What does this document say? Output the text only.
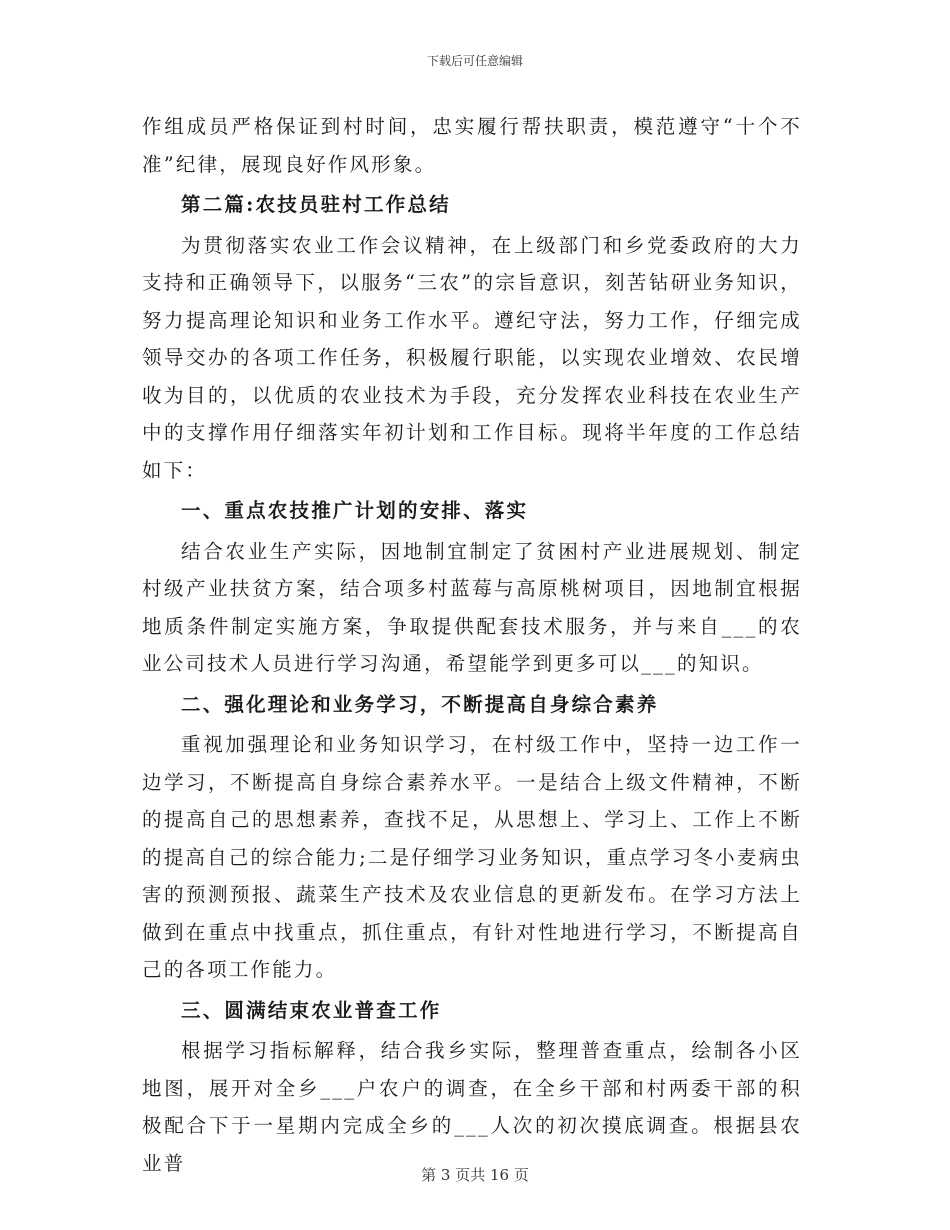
下载后可任意编辑

作组成员严格保证到村时间，忠实履行帮扶职责，模范遵守“十个不准”纪律，展现良好作风形象。

第二篇:农技员驻村工作总结

为贯彻落实农业工作会议精神，在上级部门和乡党委政府的大力支持和正确领导下，以服务“三农”的宗旨意识，刻苦钻研业务知识，努力提高理论知识和业务工作水平。遵纪守法，努力工作，仔细完成领导交办的各项工作任务，积极履行职能，以实现农业增效、农民增收为目的，以优质的农业技术为手段，充分发挥农业科技在农业生产中的支撑作用仔细落实年初计划和工作目标。现将半年度的工作总结如下：

一、重点农技推广计划的安排、落实

结合农业生产实际，因地制宜制定了贫困村产业进展规划、制定村级产业扶贫方案，结合项多村蓝莓与高原桃树项目，因地制宜根据地质条件制定实施方案，争取提供配套技术服务，并与来自___的农业公司技术人员进行学习沟通，希望能学到更多可以___的知识。

二、强化理论和业务学习，不断提高自身综合素养

重视加强理论和业务知识学习，在村级工作中，坚持一边工作一边学习，不断提高自身综合素养水平。一是结合上级文件精神，不断的提高自己的思想素养，查找不足，从思想上、学习上、工作上不断的提高自己的综合能力;二是仔细学习业务知识，重点学习冬小麦病虫害的预测预报、蔬菜生产技术及农业信息的更新发布。在学习方法上做到在重点中找重点，抓住重点，有针对性地进行学习，不断提高自己的各项工作能力。

三、圆满结束农业普查工作

根据学习指标解释，结合我乡实际，整理普查重点，绘制各小区地图，展开对全乡___户农户的调查，在全乡干部和村两委干部的积极配合下于一星期内完成全乡的___人次的初次摸底调查。根据县农业普

第 3 页共 16 页
